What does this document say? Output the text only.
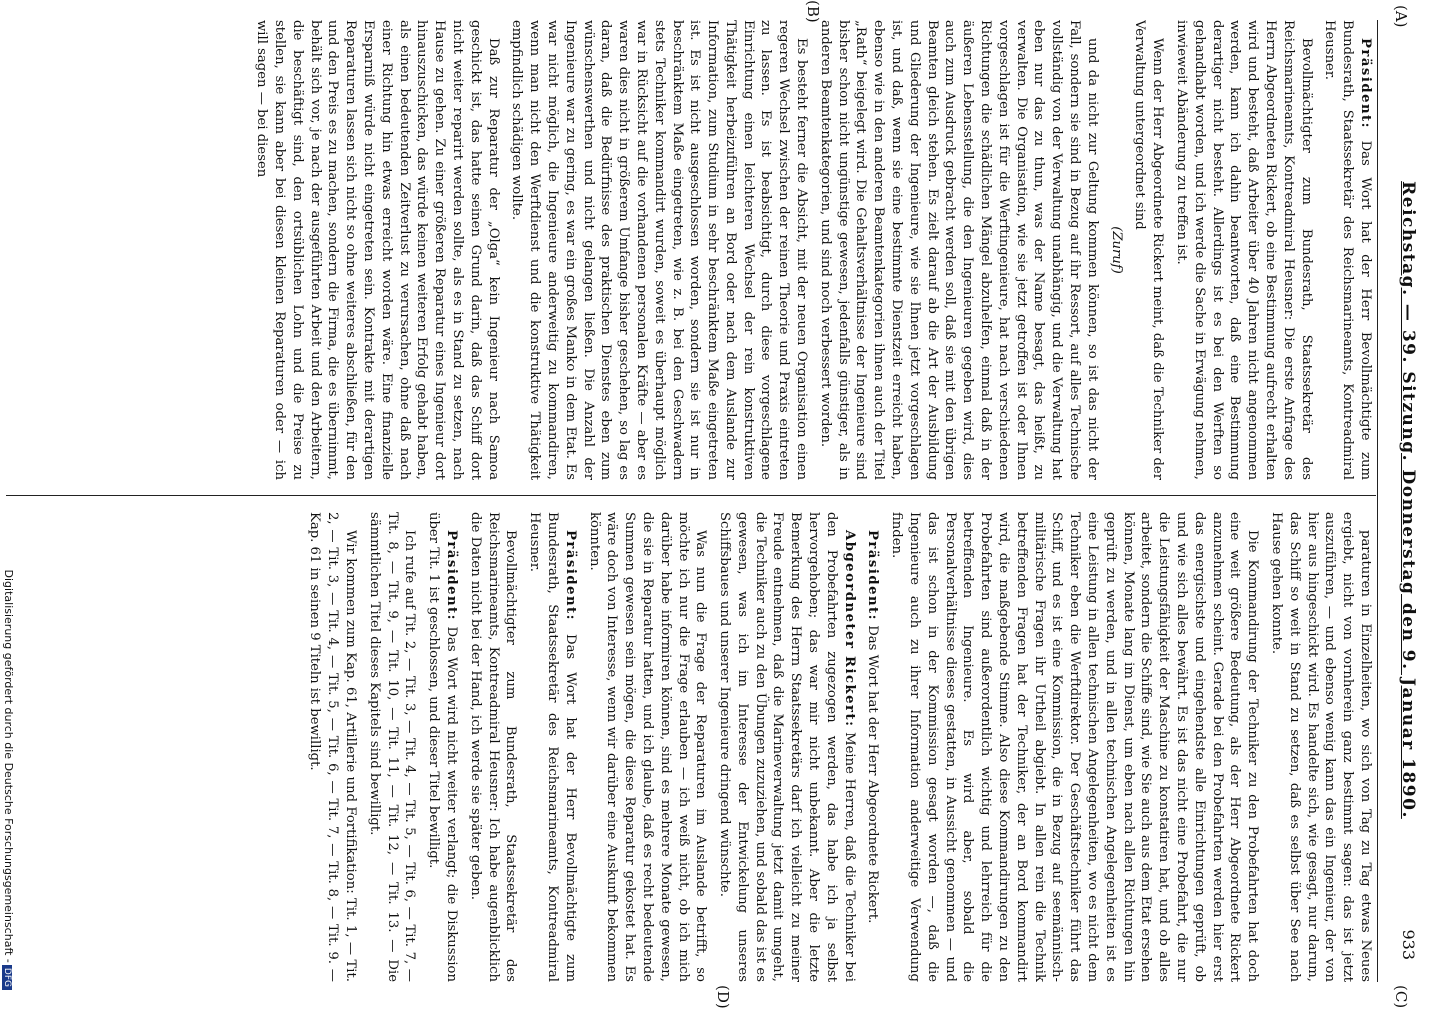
Reichstag. — 39. Sitzung. Donnerstag den 9. Januar 1890.
933
(A)
(B)
(C)
(D)

Präsident: Das Wort hat der Herr Bevollmächtigte zum Bundesrath, Staatssekretär des Reichsmarineamts, Kontreadmiral Heusner.

Bevollmächtigter zum Bundesrath, Staatssekretär des Reichsmarineamts, Kontreadmiral Heusner: Die erste Anfrage des Herrn Abgeordneten Rickert, ob eine Bestimmung aufrecht erhalten wird und besteht, daß Arbeiter über 40 Jahren nicht angenommen werden, kann ich dahin beantworten, daß eine Bestimmung derartiger nicht besteht. Allerdings ist es bei den Werften so gehandhabt worden, und ich werde die Sache in Erwägung nehmen, inwieweit Abänderung zu treffen ist.

Wenn der Herr Abgeordnete Rickert meint, daß die Techniker der Verwaltung untergeordnet sind

(Zuruf)

und da nicht zur Geltung kommen können, so ist das nicht der Fall, sondern sie sind in Bezug auf ihr Ressort, auf alles Technische vollständig von der Verwaltung unabhängig, und die Verwaltung hat eben nur das zu thun, was der Name besagt, das heißt, zu verwalten. Die Organisation, wie sie jetzt getroffen ist oder Ihnen vorgeschlagen ist für die Werftingenieure, hat nach verschiedenen Richtungen die schädlichen Mängel abzuhelfen, einmal daß in der äußeren Lebensstellung, die den Ingenieuren gegeben wird, dies auch zum Ausdruck gebracht werden soll, daß sie mit den übrigen Beamten gleich stehen. Es zielt darauf ab die Art der Ausbildung und Gliederung der Ingenieure, wie sie Ihnen jetzt vorgeschlagen ist, und daß, wenn sie eine bestimmte Dienstzeit erreicht haben, ebenso wie in den anderen Beamtenkategorien ihnen auch der Titel „Rath“ beigelegt wird. Die Gehaltsverhältnisse der Ingenieure sind bisher schon nicht ungünstige gewesen, jedenfalls günstiger, als in anderen Beamtenkategorien, und sind noch verbessert worden.

Es besteht ferner die Absicht, mit der neuen Organisation einen regeren Wechsel zwischen der reinen Theorie und Praxis eintreten zu lassen. Es ist beabsichtigt, durch diese vorgeschlagene Einrichtung einen leichteren Wechsel der rein konstruktiven Thätigkeit herbeizuführen an Bord oder nach dem Auslande zur Information, zum Studium in sehr beschränktem Maße eingetreten ist. Es ist nicht ausgeschlossen worden, sondern sie ist nur in beschränktem Maße eingetreten, wie z. B. bei den Geschwadern stets Techniker kommandirt wurden, soweit es überhaupt möglich war in Rücksicht auf die vorhandenen personalen Kräfte — aber es waren dies nicht in größerem Umfange bisher geschehen, so lag es daran, daß die Bedürfnisse des praktischen Dienstes eben zum wünschenswerthen und nicht gelangen ließen. Die Anzahl der Ingenieure war zu gering, es war ein großes Manko in dem Etat. Es war nicht möglich, die Ingenieure anderweitig zu kommandiren, wenn man nicht den Werftdienst und die konstruktive Thätigkeit empfindlich schädigen wollte.

Daß zur Reparatur der „Olga“ kein Ingenieur nach Samoa geschickt ist, das hatte seinen Grund darin, daß das Schiff dort nicht weiter reparirt werden sollte, als es in Stand zu setzen, nach Hause zu gehen. Zu einer größeren Reparatur eines Ingenieur dort hinauszuschicken, das würde keinen weiteren Erfolg gehabt haben, als einen bedeutenden Zeitverlust zu verursachen, ohne daß nach einer Richtung hin etwas erreicht worden wäre. Eine finanzielle Ersparniß würde nicht eingetreten sein. Kontrakte mit derartigen Reparaturen lassen sich nicht so ohne weiteres abschließen, für den und den Preis es zu machen, sondern die Firma, die es übernimmt, behält sich vor, je nach der ausgeführten Arbeit und den Arbeitern, die beschäftigt sind, den ortsüblichen Lohn und die Preise zu stellen, sie kann aber bei diesen kleinen Reparaturen oder — ich will sagen — bei diesen

paraturen in Einzelheiten, wo sich von Tag zu Tag etwas Neues ergiebt, nicht von vornherein ganz bestimmt sagen: das ist jetzt auszuführen, — und ebenso wenig kann das ein Ingenieur, der von hier aus hingeschickt wird. Es handelte sich, wie gesagt, nur darum, das Schiff so weit in Stand zu setzen, daß es selbst über See nach Hause gehen konnte.

Die Kommandirung der Techniker zu den Probefahrten hat doch eine weit größere Bedeutung, als der Herr Abgeordnete Rickert anzunehmen scheint. Gerade bei den Probefahrten werden hier erst das energischste und eingehendste alle Einrichtungen geprüft, ob und wie sich alles bewährt. Es ist das nicht eine Probefahrt, die nur die Leistungsfähigkeit der Maschine zu konstatiren hat, und ob alles arbeitet, sondern die Schiffe sind, wie Sie auch aus dem Etat ersehen können, Monate lang im Dienst, um eben nach allen Richtungen hin geprüft zu werden, und in allen technischen Angelegenheiten ist es eine Leistung in allen technischen Angelegenheiten, wo es nicht dem Techniker eben die Werftdirektor. Der Geschäftstechniker führt das Schiff, und es ist eine Kommission, die in Bezug auf seemännisch-militärische Fragen ihr Urtheil abgiebt. In allen rein die Technik betreffenden Fragen hat der Techniker, der an Bord kommandirt wird, die maßgebende Stimme. Also diese Kommandirungen zu den Probefahrten sind außerordentlich wichtig und lehrreich für die betreffenden Ingenieure. Es wird aber, sobald die Personalverhältnisse dieses gestatten, in Aussicht genommen — und das ist schon in der Kommission gesagt worden —, daß die Ingenieure auch zu ihrer Information anderweitige Verwendung finden.

Präsident: Das Wort hat der Herr Abgeordnete Rickert.

Abgeordneter Rickert: Meine Herren, daß die Techniker bei den Probefahrten zugezogen werden, das habe ich ja selbst hervorgehoben; das war mir nicht unbekannt. Aber die letzte Bemerkung des Herrn Staatssekretärs darf ich vielleicht zu meiner Freude entnehmen, daß die Marineverwaltung jetzt damit umgeht, die Techniker auch zu den Übungen zuzuziehen, und sobald das ist es gewesen, was ich im Interesse der Entwickelung unseres Schiffsbaues und unserer Ingenieure dringend wünschte.

Was nun die Frage der Reparaturen im Auslande betrifft, so möchte ich nur die Frage erlauben — ich weiß nicht, ob ich mich darüber habe informiren können, sind es mehrere Monate gewesen, die sie in Reparatur hatten, und ich glaube, daß es recht bedeutende Summen gewesen sein mögen, die diese Reparatur gekostet hat. Es wäre doch von Interesse, wenn wir darüber eine Auskunft bekommen könnten.

Präsident: Das Wort hat der Herr Bevollmächtigte zum Bundesrath, Staatssekretär des Reichsmarineamts, Kontreadmiral Heusner.

Bevollmächtigter zum Bundesrath, Staatssekretär des Reichsmarineamts, Kontreadmiral Heusner: Ich habe augenblicklich die Daten nicht bei der Hand, ich werde sie später geben.

Präsident: Das Wort wird nicht weiter verlangt; die Diskussion über Tit. 1 ist geschlossen, und dieser Titel bewilligt.

Ich rufe auf Tit. 2, — Tit. 3, — Tit. 4, — Tit. 5, — Tit. 6, — Tit. 7, — Tit. 8, — Tit. 9, — Tit. 10, — Tit. 11, — Tit. 12, — Tit. 13. — Die sämmtlichen Titel dieses Kapitels sind bewilligt.

Wir kommen zum Kap. 61, Artillerie und Fortifikation: Tit. 1, — Tit. 2, — Tit. 3, — Tit. 4, — Tit. 5, — Tit. 6, — Tit. 7, — Tit. 8, — Tit. 9. — Kap. 61 in seinen 9 Titeln ist bewilligt.

Digitalisierung gefördert durch die Deutsche Forschungsgemeinschaft -DFG
